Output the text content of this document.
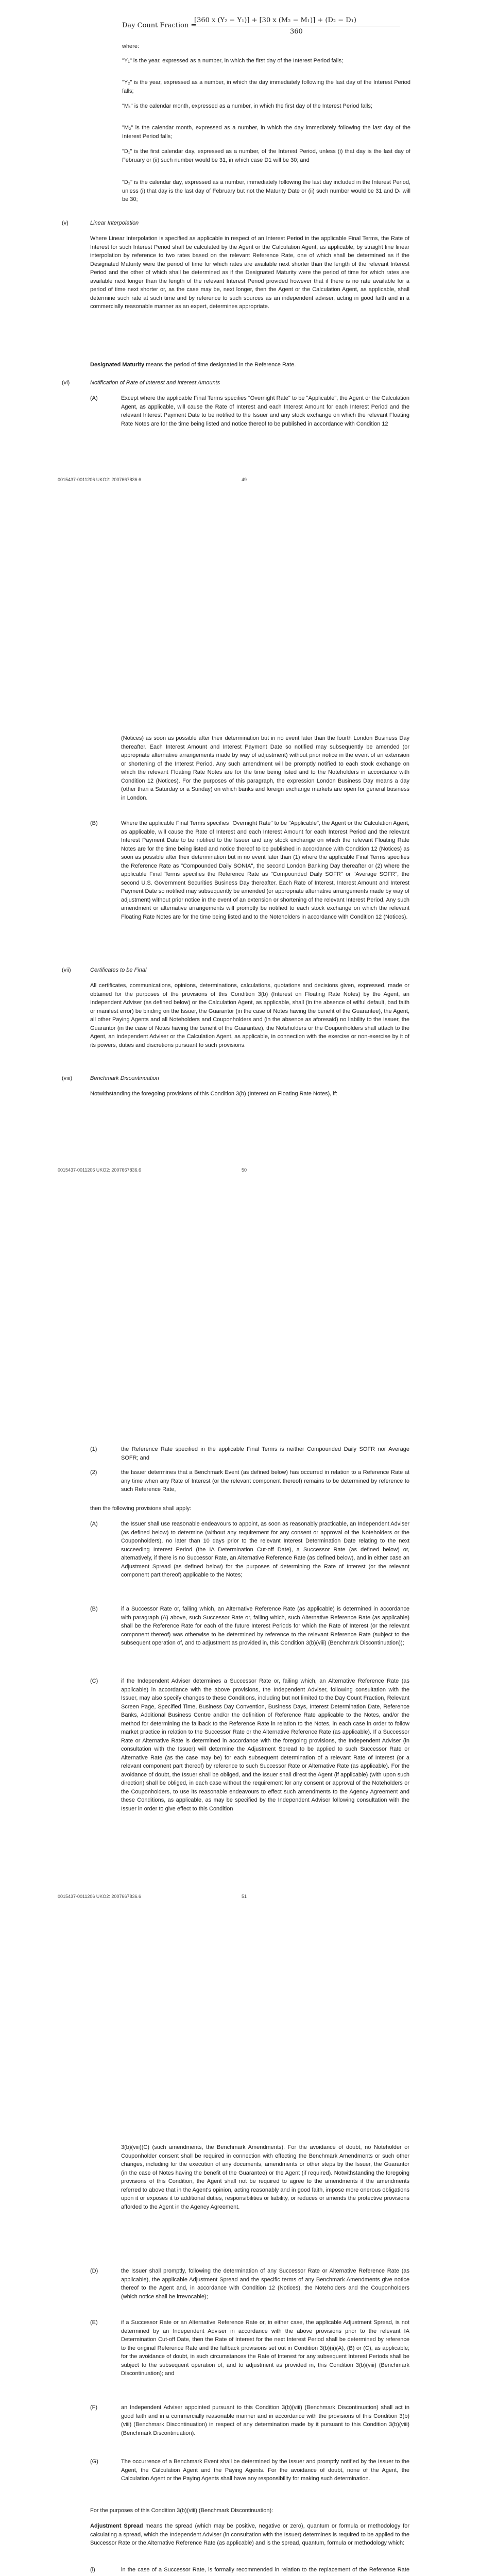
Day Count Fraction =
[360 x (Y₂ − Y₁)] + [30 x (M₂ − M₁)] + (D₂ − D₁)
360
where:
"Y₁" is the year, expressed as a number, in which the first day of the Interest Period falls;
"Y₂" is the year, expressed as a number, in which the day immediately following the last day of the Interest Period falls;
"M₁" is the calendar month, expressed as a number, in which the first day of the Interest Period falls;
"M₂" is the calendar month, expressed as a number, in which the day immediately following the last day of the Interest Period falls;
"D₁" is the first calendar day, expressed as a number, of the Interest Period, unless (i) that day is the last day of February or (ii) such number would be 31, in which case D1 will be 30; and
"D₂" is the calendar day, expressed as a number, immediately following the last day included in the Interest Period, unless (i) that day is the last day of February but not the Maturity Date or (ii) such number would be 31 and D₁ will be 30;
(v)	Linear Interpolation
Where Linear Interpolation is specified as applicable in respect of an Interest Period in the applicable Final Terms, the Rate of Interest for such Interest Period shall be calculated by the Agent or the Calculation Agent, as applicable, by straight line linear interpolation by reference to two rates based on the relevant Reference Rate, one of which shall be determined as if the Designated Maturity were the period of time for which rates are available next shorter than the length of the relevant Interest Period and the other of which shall be determined as if the Designated Maturity were the period of time for which rates are available next longer than the length of the relevant Interest Period provided however that if there is no rate available for a period of time next shorter or, as the case may be, next longer, then the Agent or the Calculation Agent, as applicable, shall determine such rate at such time and by reference to such sources as an independent adviser, acting in good faith and in a commercially reasonable manner as an expert, determines appropriate.
Designated Maturity means the period of time designated in the Reference Rate.
(vi)	Notification of Rate of Interest and Interest Amounts
(A)	Except where the applicable Final Terms specifies "Overnight Rate" to be "Applicable", the Agent or the Calculation Agent, as applicable, will cause the Rate of Interest and each Interest Amount for each Interest Period and the relevant Interest Payment Date to be notified to the Issuer and any stock exchange on which the relevant Floating Rate Notes are for the time being listed and notice thereof to be published in accordance with Condition 12
0015437-0011206 UKO2: 2007667836.6	49
(Notices) as soon as possible after their determination but in no event later than the fourth London Business Day thereafter. Each Interest Amount and Interest Payment Date so notified may subsequently be amended (or appropriate alternative arrangements made by way of adjustment) without prior notice in the event of an extension or shortening of the Interest Period. Any such amendment will be promptly notified to each stock exchange on which the relevant Floating Rate Notes are for the time being listed and to the Noteholders in accordance with Condition 12 (Notices). For the purposes of this paragraph, the expression London Business Day means a day (other than a Saturday or a Sunday) on which banks and foreign exchange markets are open for general business in London.
(B)	Where the applicable Final Terms specifies "Overnight Rate" to be "Applicable", the Agent or the Calculation Agent, as applicable, will cause the Rate of Interest and each Interest Amount for each Interest Period and the relevant Interest Payment Date to be notified to the Issuer and any stock exchange on which the relevant Floating Rate Notes are for the time being listed and notice thereof to be published in accordance with Condition 12 (Notices) as soon as possible after their determination but in no event later than (1) where the applicable Final Terms specifies the Reference Rate as "Compounded Daily SONIA", the second London Banking Day thereafter or (2) where the applicable Final Terms specifies the Reference Rate as "Compounded Daily SOFR" or "Average SOFR", the second U.S. Government Securities Business Day thereafter. Each Rate of Interest, Interest Amount and Interest Payment Date so notified may subsequently be amended (or appropriate alternative arrangements made by way of adjustment) without prior notice in the event of an extension or shortening of the relevant Interest Period. Any such amendment or alternative arrangements will promptly be notified to each stock exchange on which the relevant Floating Rate Notes are for the time being listed and to the Noteholders in accordance with Condition 12 (Notices).
(vii)	Certificates to be Final
All certificates, communications, opinions, determinations, calculations, quotations and decisions given, expressed, made or obtained for the purposes of the provisions of this Condition 3(b) (Interest on Floating Rate Notes) by the Agent, an Independent Adviser (as defined below) or the Calculation Agent, as applicable, shall (in the absence of wilful default, bad faith or manifest error) be binding on the Issuer, the Guarantor (in the case of Notes having the benefit of the Guarantee), the Agent, all other Paying Agents and all Noteholders and Couponholders and (in the absence as aforesaid) no liability to the Issuer, the Guarantor (in the case of Notes having the benefit of the Guarantee), the Noteholders or the Couponholders shall attach to the Agent, an Independent Adviser or the Calculation Agent, as applicable, in connection with the exercise or non-exercise by it of its powers, duties and discretions pursuant to such provisions.
(viii)	Benchmark Discontinuation
Notwithstanding the foregoing provisions of this Condition 3(b) (Interest on Floating Rate Notes), if:
0015437-0011206 UKO2: 2007667836.6	50
(1)	the Reference Rate specified in the applicable Final Terms is neither Compounded Daily SOFR nor Average SOFR; and
(2)	the Issuer determines that a Benchmark Event (as defined below) has occurred in relation to a Reference Rate at any time when any Rate of Interest (or the relevant component thereof) remains to be determined by reference to such Reference Rate,
then the following provisions shall apply:
(A)	the Issuer shall use reasonable endeavours to appoint, as soon as reasonably practicable, an Independent Adviser (as defined below) to determine (without any requirement for any consent or approval of the Noteholders or the Couponholders), no later than 10 days prior to the relevant Interest Determination Date relating to the next succeeding Interest Period (the IA Determination Cut-off Date), a Successor Rate (as defined below) or, alternatively, if there is no Successor Rate, an Alternative Reference Rate (as defined below), and in either case an Adjustment Spread (as defined below) for the purposes of determining the Rate of Interest (or the relevant component part thereof) applicable to the Notes;
(B)	if a Successor Rate or, failing which, an Alternative Reference Rate (as applicable) is determined in accordance with paragraph (A) above, such Successor Rate or, failing which, such Alternative Reference Rate (as applicable) shall be the Reference Rate for each of the future Interest Periods for which the Rate of Interest (or the relevant component thereof) was otherwise to be determined by reference to the relevant Reference Rate (subject to the subsequent operation of, and to adjustment as provided in, this Condition 3(b)(viii) (Benchmark Discontinuation));
(C)	if the Independent Adviser determines a Successor Rate or, failing which, an Alternative Reference Rate (as applicable) in accordance with the above provisions, the Independent Adviser, following consultation with the Issuer, may also specify changes to these Conditions, including but not limited to the Day Count Fraction, Relevant Screen Page, Specified Time, Business Day Convention, Business Days, Interest Determination Date, Reference Banks, Additional Business Centre and/or the definition of Reference Rate applicable to the Notes, and/or the method for determining the fallback to the Reference Rate in relation to the Notes, in each case in order to follow market practice in relation to the Successor Rate or the Alternative Reference Rate (as applicable). If a Successor Rate or Alternative Rate is determined in accordance with the foregoing provisions, the Independent Adviser (in consultation with the Issuer) will determine the Adjustment Spread to be applied to such Successor Rate or Alternative Rate (as the case may be) for each subsequent determination of a relevant Rate of Interest (or a relevant component part thereof) by reference to such Successor Rate or Alternative Rate (as applicable). For the avoidance of doubt, the Issuer shall be obliged, and the Issuer shall direct the Agent (if applicable) (with upon such direction) shall be obliged, in each case without the requirement for any consent or approval of the Noteholders or the Couponholders, to use its reasonable endeavours to effect such amendments to the Agency Agreement and these Conditions, as applicable, as may be specified by the Independent Adviser following consultation with the Issuer in order to give effect to this Condition
0015437-0011206 UKO2: 2007667836.6	51
3(b)(viii)(C) (such amendments, the Benchmark Amendments). For the avoidance of doubt, no Noteholder or Couponholder consent shall be required in connection with effecting the Benchmark Amendments or such other changes, including for the execution of any documents, amendments or other steps by the Issuer, the Guarantor (in the case of Notes having the benefit of the Guarantee) or the Agent (if required). Notwithstanding the foregoing provisions of this Condition, the Agent shall not be required to agree to the amendments if the amendments referred to above that in the Agent's opinion, acting reasonably and in good faith, impose more onerous obligations upon it or exposes it to additional duties, responsibilities or liability, or reduces or amends the protective provisions afforded to the Agent in the Agency Agreement.
(D)	the Issuer shall promptly, following the determination of any Successor Rate or Alternative Reference Rate (as applicable), the applicable Adjustment Spread and the specific terms of any Benchmark Amendments give notice thereof to the Agent and, in accordance with Condition 12 (Notices), the Noteholders and the Couponholders (which notice shall be irrevocable);
(E)	if a Successor Rate or an Alternative Reference Rate or, in either case, the applicable Adjustment Spread, is not determined by an Independent Adviser in accordance with the above provisions prior to the relevant IA Determination Cut-off Date, then the Rate of Interest for the next Interest Period shall be determined by reference to the original Reference Rate and the fallback provisions set out in Condition 3(b)(ii)(A), (B) or (C), as applicable; for the avoidance of doubt, in such circumstances the Rate of Interest for any subsequent Interest Periods shall be subject to the subsequent operation of, and to adjustment as provided in, this Condition 3(b)(viii) (Benchmark Discontinuation); and
(F)	an Independent Adviser appointed pursuant to this Condition 3(b)(viii) (Benchmark Discontinuation) shall act in good faith and in a commercially reasonable manner and in accordance with the provisions of this Condition 3(b)(viii) (Benchmark Discontinuation) in respect of any determination made by it pursuant to this Condition 3(b)(viii) (Benchmark Discontinuation).
(G)	The occurrence of a Benchmark Event shall be determined by the Issuer and promptly notified by the Issuer to the Agent, the Calculation Agent and the Paying Agents. For the avoidance of doubt, none of the Agent, the Calculation Agent or the Paying Agents shall have any responsibility for making such determination.
For the purposes of this Condition 3(b)(viii) (Benchmark Discontinuation):
Adjustment Spread means the spread (which may be positive, negative or zero), quantum or formula or methodology for calculating a spread, which the Independent Adviser (in consultation with the Issuer) determines is required to be applied to the Successor Rate or the Alternative Reference Rate (as applicable) and is the spread, quantum, formula or methodology which:
(i)	in the case of a Successor Rate, is formally recommended in relation to the replacement of the Reference Rate
